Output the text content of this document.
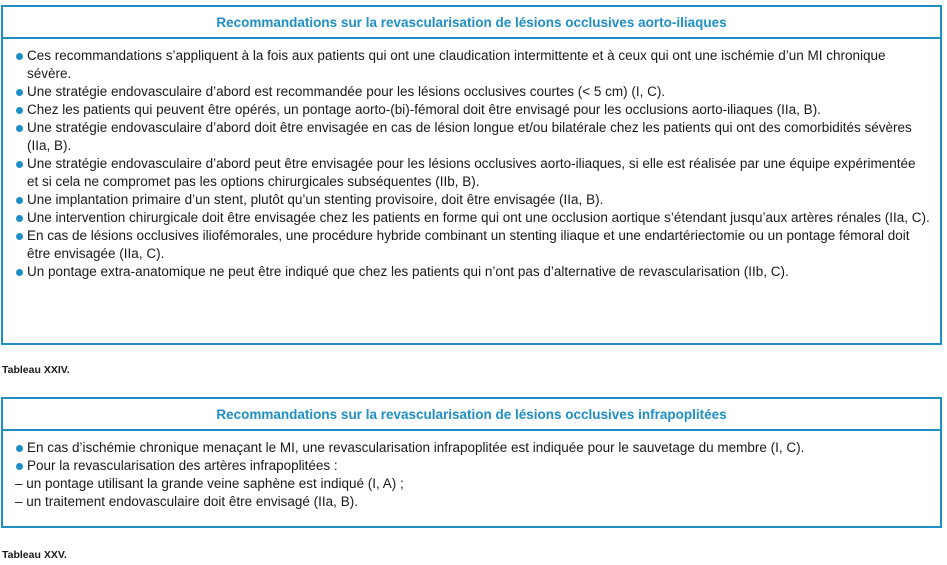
Recommandations sur la revascularisation de lésions occlusives aorto-iliaques
Ces recommandations s’appliquent à la fois aux patients qui ont une claudication intermittente et à ceux qui ont une ischémie d’un MI chronique sévère.
Une stratégie endovasculaire d’abord est recommandée pour les lésions occlusives courtes (< 5 cm) (I, C).
Chez les patients qui peuvent être opérés, un pontage aorto-(bi)-fémoral doit être envisagé pour les occlusions aorto-iliaques (IIa, B).
Une stratégie endovasculaire d’abord doit être envisagée en cas de lésion longue et/ou bilatérale chez les patients qui ont des comorbidités sévères (IIa, B).
Une stratégie endovasculaire d’abord peut être envisagée pour les lésions occlusives aorto-iliaques, si elle est réalisée par une équipe expérimentée et si cela ne compromet pas les options chirurgicales subséquentes (IIb, B).
Une implantation primaire d’un stent, plutôt qu’un stenting provisoire, doit être envisagée (IIa, B).
Une intervention chirurgicale doit être envisagée chez les patients en forme qui ont une occlusion aortique s’étendant jusqu’aux artères rénales (IIa, C).
En cas de lésions occlusives iliofémorales, une procédure hybride combinant un stenting iliaque et une endartériectomie ou un pontage fémoral doit être envisagée (IIa, C).
Un pontage extra-anatomique ne peut être indiqué que chez les patients qui n’ont pas d’alternative de revascularisation (IIb, C).
Tableau XXIV.
Recommandations sur la revascularisation de lésions occlusives infrapoplitées
En cas d’ischémie chronique menaçant le MI, une revascularisation infrapoplitée est indiquée pour le sauvetage du membre (I, C).
Pour la revascularisation des artères infrapoplitées :
– un pontage utilisant la grande veine saphène est indiqué (I, A) ;
– un traitement endovasculaire doit être envisagé (IIa, B).
Tableau XXV.
